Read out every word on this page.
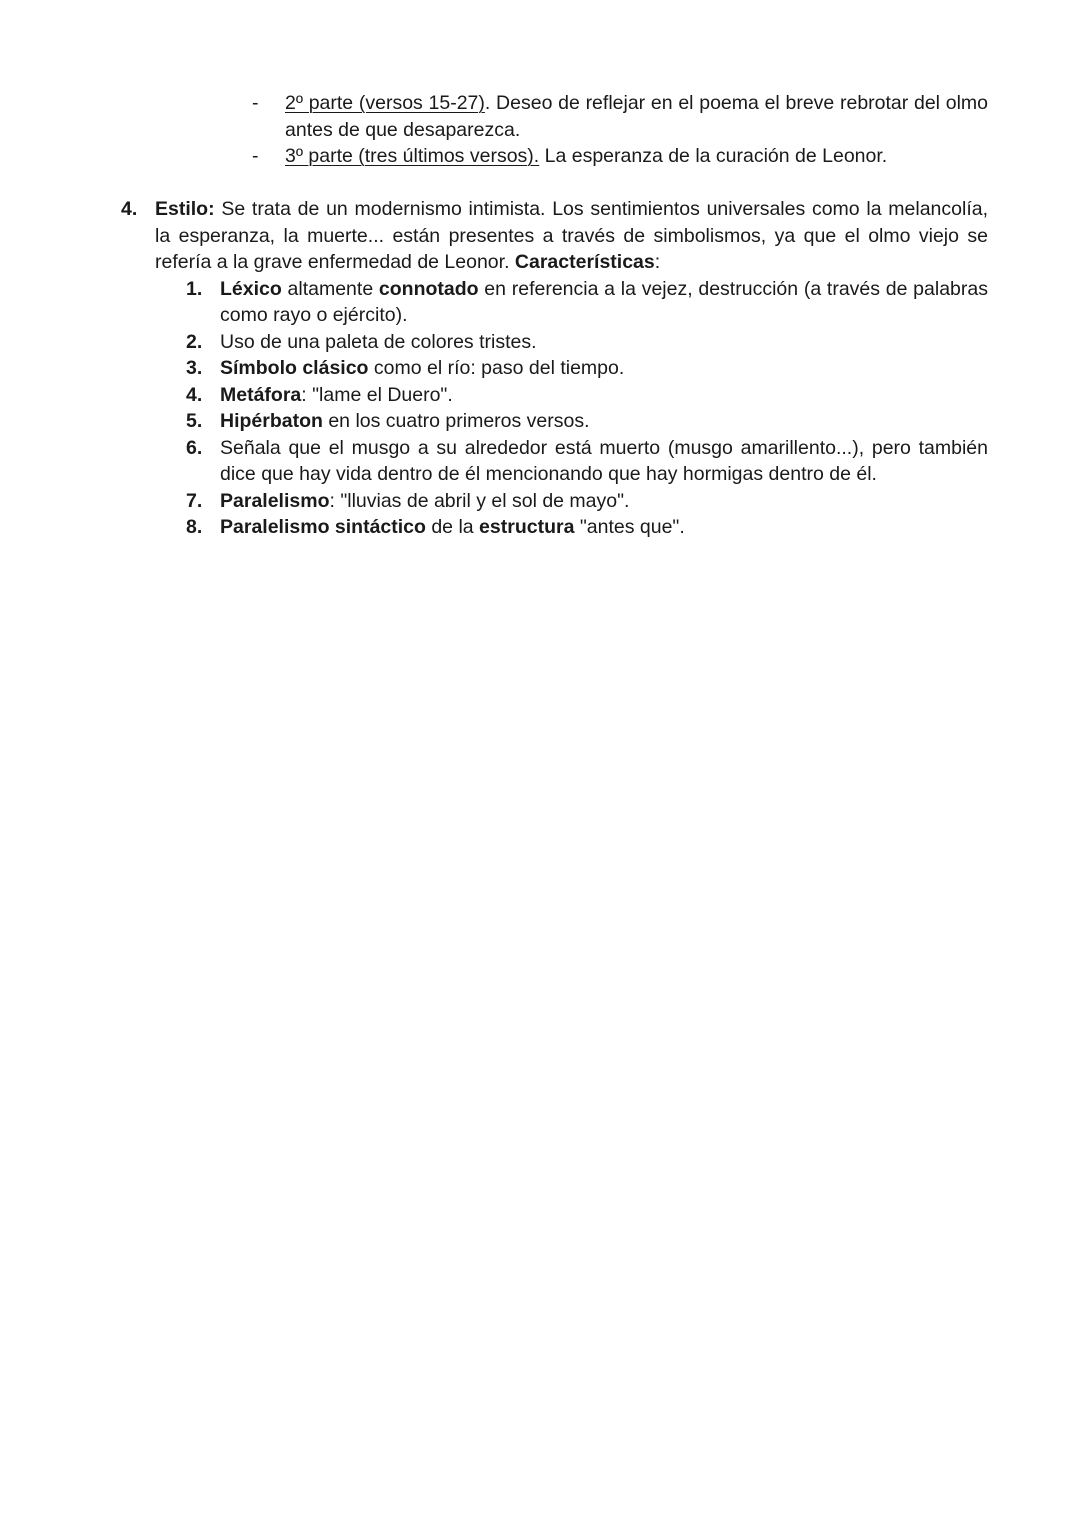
- 2º parte (versos 15-27). Deseo de reflejar en el poema el breve rebrotar del olmo antes de que desaparezca.
- 3º parte (tres últimos versos). La esperanza de la curación de Leonor.
4. Estilo: Se trata de un modernismo intimista. Los sentimientos universales como la melancolía, la esperanza, la muerte... están presentes a través de simbolismos, ya que el olmo viejo se refería a la grave enfermedad de Leonor. Características:
1. Léxico altamente connotado en referencia a la vejez, destrucción (a través de palabras como rayo o ejército).
2. Uso de una paleta de colores tristes.
3. Símbolo clásico como el río: paso del tiempo.
4. Metáfora: "lame el Duero".
5. Hipérbaton en los cuatro primeros versos.
6. Señala que el musgo a su alrededor está muerto (musgo amarillento...), pero también dice que hay vida dentro de él mencionando que hay hormigas dentro de él.
7. Paralelismo: "lluvias de abril y el sol de mayo".
8. Paralelismo sintáctico de la estructura "antes que".
